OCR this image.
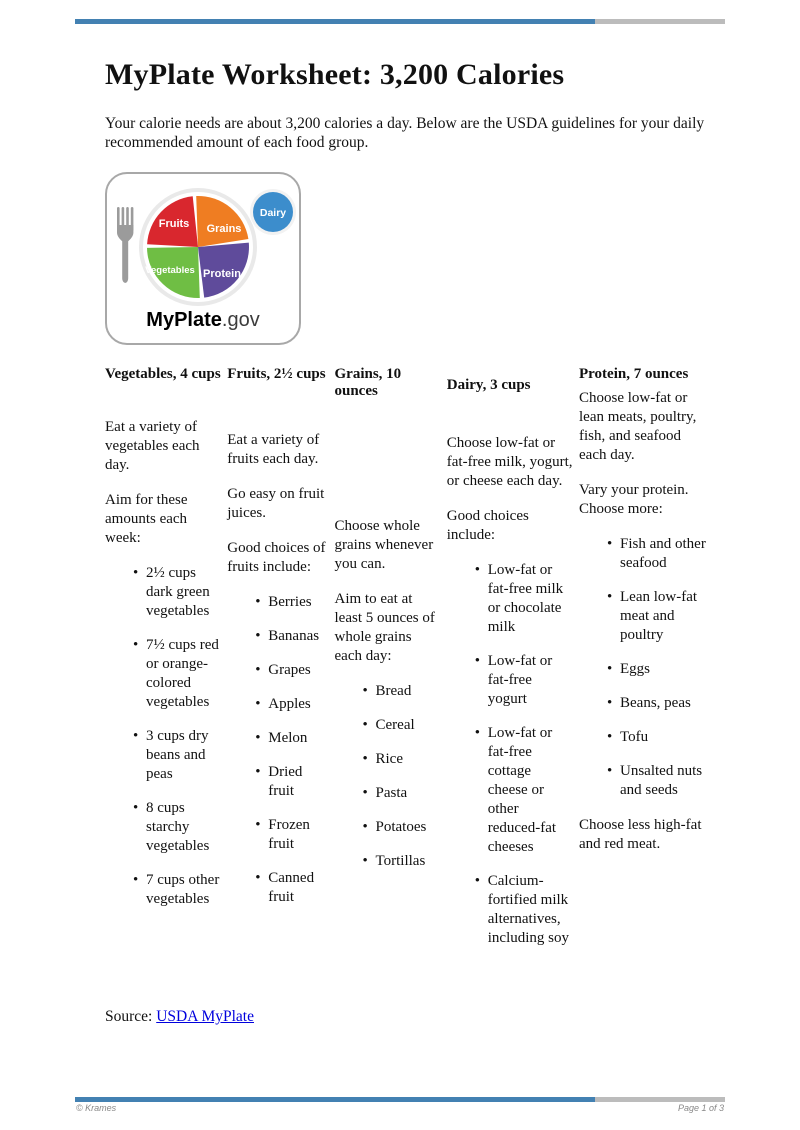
MyPlate Worksheet: 3,200 Calories

Your calorie needs are about 3,200 calories a day. Below are the USDA guidelines for your daily recommended amount of each food group.

Fruits Grains
Vegetables Protein
Dairy
MyPlate.gov
Vegetables, 4 cups

Eat a variety of vegetables each day.

Aim for these amounts each week:

• 2½ cups dark green vegetables
• 7½ cups red or orange-colored vegetables
• 3 cups dry beans and peas
• 8 cups starchy vegetables
• 7 cups other vegetables
Fruits, 2½ cups

Eat a variety of fruits each day.

Go easy on fruit juices.

Good choices of fruits include:

• Berries
• Bananas
• Grapes
• Apples
• Melon
• Dried fruit
• Frozen fruit
• Canned fruit
Grains, 10 ounces

Choose whole grains whenever you can.

Aim to eat at least 5 ounces of whole grains each day:

• Bread
• Cereal
• Rice
• Pasta
• Potatoes
• Tortillas
Dairy, 3 cups

Choose low-fat or fat-free milk, yogurt, or cheese each day.

Good choices include:

• Low-fat or fat-free milk or chocolate milk
• Low-fat or fat-free yogurt
• Low-fat or fat-free cottage cheese or other reduced-fat cheeses
• Calcium-fortified milk alternatives, including soy
Protein, 7 ounces

Choose low-fat or lean meats, poultry, fish, and seafood each day.

Vary your protein. Choose more:

• Fish and other seafood
• Lean low-fat meat and poultry
• Eggs
• Beans, peas
• Tofu
• Unsalted nuts and seeds

Choose less high-fat and red meat.

Source: USDA MyPlate

© Krames	Page 1 of 3
